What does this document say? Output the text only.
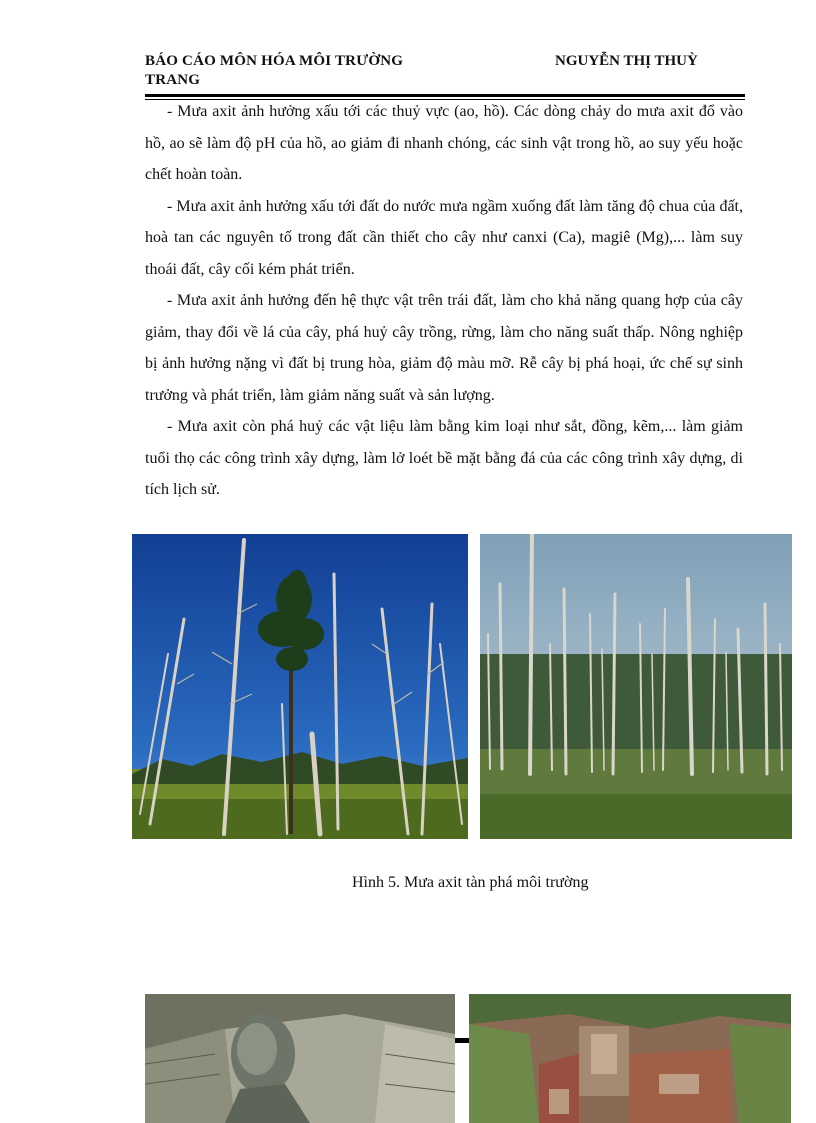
BÁO CÁO MÔN HÓA MÔI TRƯỜNG TRANG
NGUYỄN THỊ THUỲ

- Mưa axit ảnh hưởng xấu tới các thuỷ vực (ao, hồ). Các dòng chảy do mưa axit đổ vào hồ, ao sẽ làm độ pH của hồ, ao giảm đi nhanh chóng, các sinh vật trong hồ, ao suy yếu hoặc chết hoàn toàn.

- Mưa axit ảnh hưởng xấu tới đất do nước mưa ngầm xuống đất làm tăng độ chua của đất, hoà tan các nguyên tố trong đất cần thiết cho cây như canxi (Ca), magiê (Mg),... làm suy thoái đất, cây cối kém phát triển.

- Mưa axit ảnh hưởng đến hệ thực vật trên trái đất, làm cho khả năng quang hợp của cây giảm, thay đổi về lá của cây, phá huỷ cây trồng, rừng, làm cho năng suất thấp. Nông nghiệp bị ảnh hưởng nặng vì đất bị trung hòa, giảm độ màu mỡ. Rễ cây bị phá hoại, ức chế sự sinh trưởng và phát triển, làm giảm năng suất và sản lượng.

- Mưa axit còn phá huỷ các vật liệu làm bằng kim loại như sắt, đồng, kẽm,... làm giảm tuổi thọ các công trình xây dựng, làm lở loét bề mặt bằng đá của các công trình xây dựng, di tích lịch sử.

Hình 5. Mưa axit tàn phá môi trường
